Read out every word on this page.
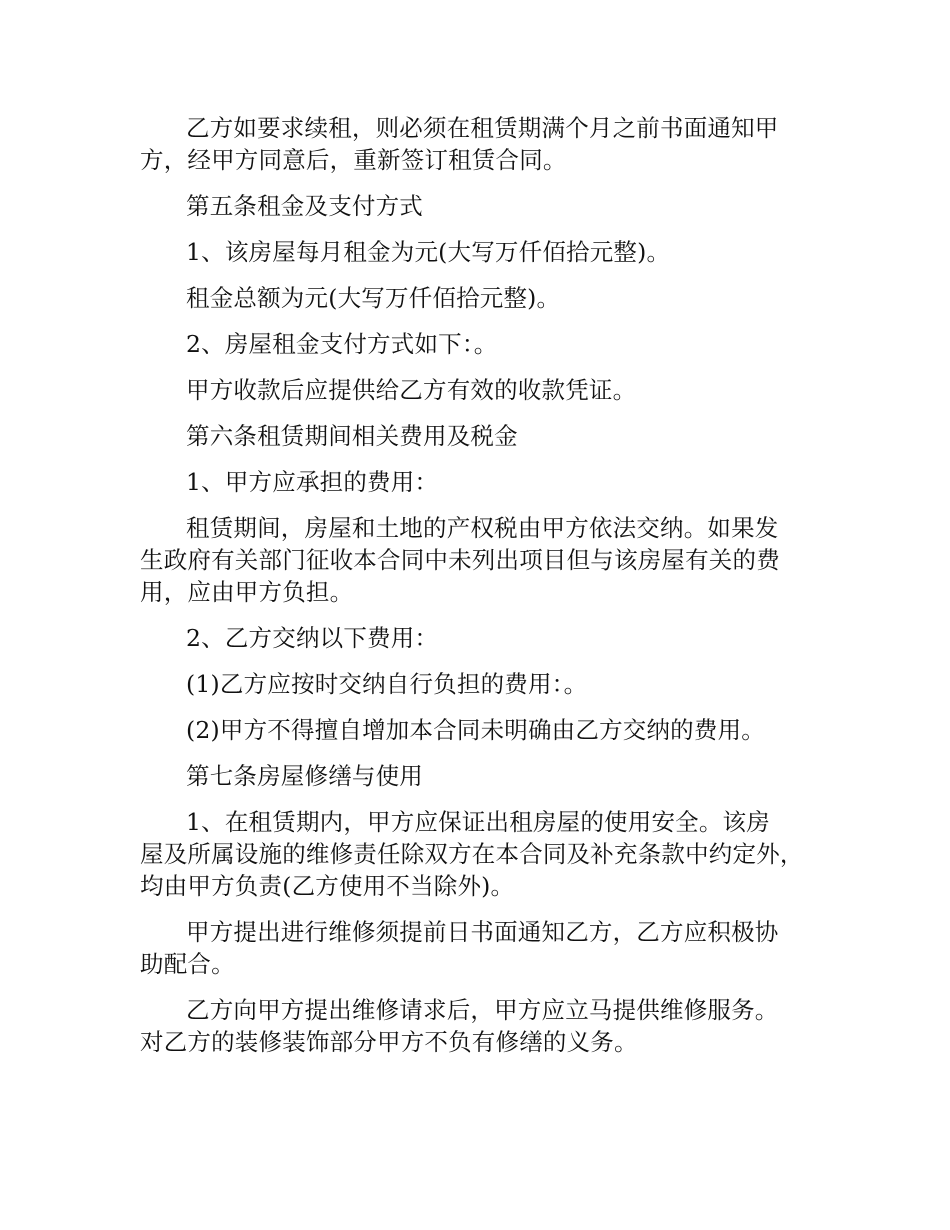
乙方如要求续租，则必须在租赁期满个月之前书面通知甲
方，经甲方同意后，重新签订租赁合同。
第五条租金及支付方式
1、该房屋每月租金为元(大写万仟佰拾元整)。
租金总额为元(大写万仟佰拾元整)。
2、房屋租金支付方式如下：。
甲方收款后应提供给乙方有效的收款凭证。
第六条租赁期间相关费用及税金
1、甲方应承担的费用：
租赁期间，房屋和土地的产权税由甲方依法交纳。如果发
生政府有关部门征收本合同中未列出项目但与该房屋有关的费
用，应由甲方负担。
2、乙方交纳以下费用：
(1)乙方应按时交纳自行负担的费用：。
(2)甲方不得擅自增加本合同未明确由乙方交纳的费用。
第七条房屋修缮与使用
1、在租赁期内，甲方应保证出租房屋的使用安全。该房
屋及所属设施的维修责任除双方在本合同及补充条款中约定外，
均由甲方负责(乙方使用不当除外)。
甲方提出进行维修须提前日书面通知乙方，乙方应积极协
助配合。
乙方向甲方提出维修请求后，甲方应立马提供维修服务。
对乙方的装修装饰部分甲方不负有修缮的义务。
